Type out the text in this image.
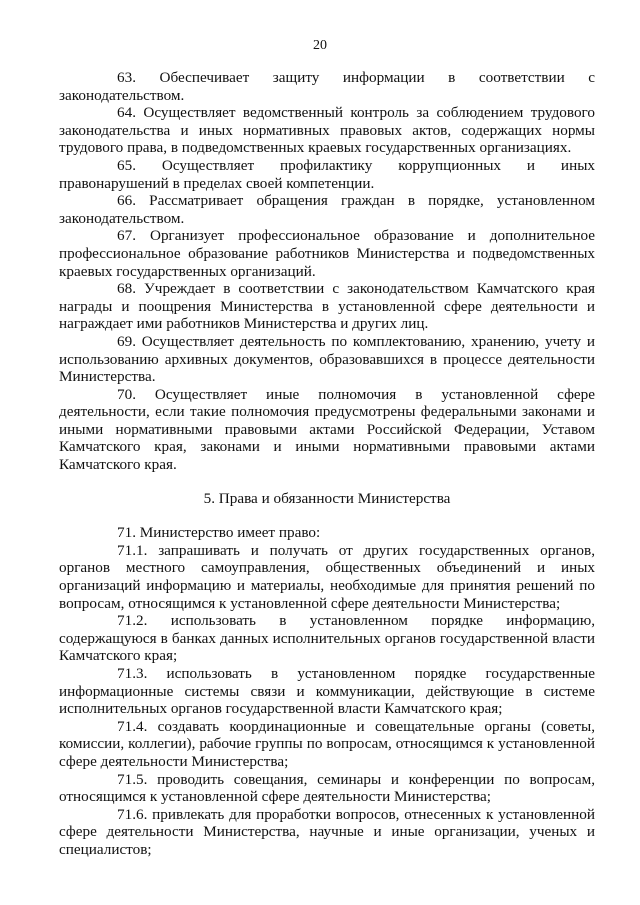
20

63. Обеспечивает защиту информации в соответствии с законодательством.

64. Осуществляет ведомственный контроль за соблюдением трудового законодательства и иных нормативных правовых актов, содержащих нормы трудового права, в подведомственных краевых государственных организациях.

65. Осуществляет профилактику коррупционных и иных правонарушений в пределах своей компетенции.

66. Рассматривает обращения граждан в порядке, установленном законодательством.

67. Организует профессиональное образование и дополнительное профессиональное образование работников Министерства и подведомственных краевых государственных организаций.

68. Учреждает в соответствии с законодательством Камчатского края награды и поощрения Министерства в установленной сфере деятельности и награждает ими работников Министерства и других лиц.

69. Осуществляет деятельность по комплектованию, хранению, учету и использованию архивных документов, образовавшихся в процессе деятельности Министерства.

70. Осуществляет иные полномочия в установленной сфере деятельности, если такие полномочия предусмотрены федеральными законами и иными нормативными правовыми актами Российской Федерации, Уставом Камчатского края, законами и иными нормативными правовыми актами Камчатского края.

5. Права и обязанности Министерства

71. Министерство имеет право:

71.1. запрашивать и получать от других государственных органов, органов местного самоуправления, общественных объединений и иных организаций информацию и материалы, необходимые для принятия решений по вопросам, относящимся к установленной сфере деятельности Министерства;

71.2. использовать в установленном порядке информацию, содержащуюся в банках данных исполнительных органов государственной власти Камчатского края;

71.3. использовать в установленном порядке государственные информационные системы связи и коммуникации, действующие в системе исполнительных органов государственной власти Камчатского края;

71.4. создавать координационные и совещательные органы (советы, комиссии, коллегии), рабочие группы по вопросам, относящимся к установленной сфере деятельности Министерства;

71.5. проводить совещания, семинары и конференции по вопросам, относящимся к установленной сфере деятельности Министерства;

71.6. привлекать для проработки вопросов, отнесенных к установленной сфере деятельности Министерства, научные и иные организации, ученых и специалистов;
